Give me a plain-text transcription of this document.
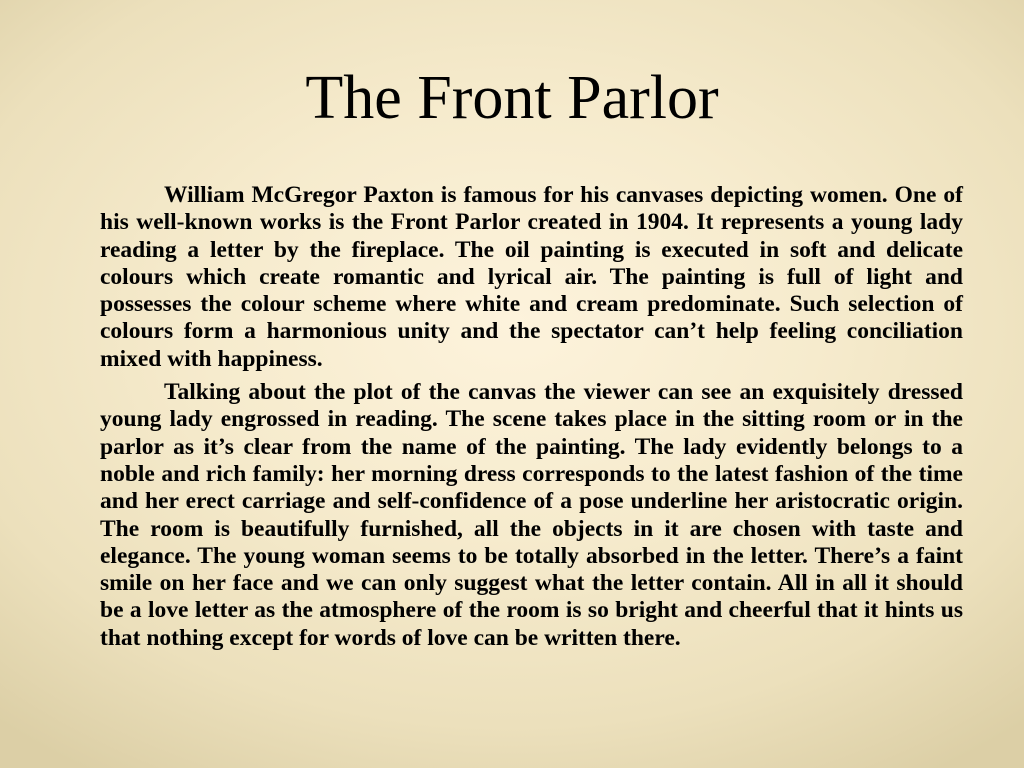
The Front Parlor

William McGregor Paxton is famous for his canvases depicting women. One of his well-known works is the Front Parlor created in 1904. It represents a young lady reading a letter by the fireplace. The oil painting is executed in soft and delicate colours which create romantic and lyrical air. The painting is full of light and possesses the colour scheme where white and cream predominate. Such selection of colours form a harmonious unity and the spectator can’t help feeling conciliation mixed with happiness.

Talking about the plot of the canvas the viewer can see an exquisitely dressed young lady engrossed in reading. The scene takes place in the sitting room or in the parlor as it’s clear from the name of the painting. The lady evidently belongs to a noble and rich family: her morning dress corresponds to the latest fashion of the time and her erect carriage and self-confidence of a pose underline her aristocratic origin. The room is beautifully furnished, all the objects in it are chosen with taste and elegance. The young woman seems to be totally absorbed in the letter. There’s a faint smile on her face and we can only suggest what the letter contain. All in all it should be a love letter as the atmosphere of the room is so bright and cheerful that it hints us that nothing except for words of love can be written there.
